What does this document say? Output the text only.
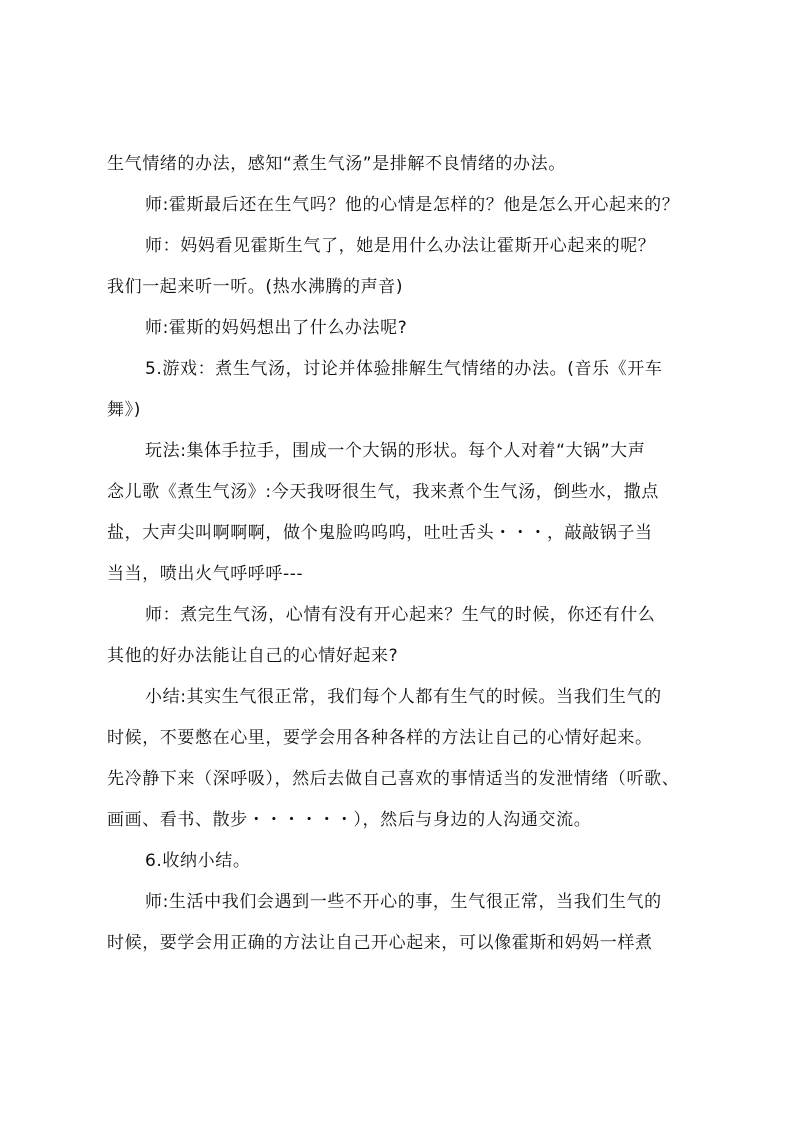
生气情绪的办法，感知“煮生气汤”是排解不良情绪的办法。
师:霍斯最后还在生气吗？他的心情是怎样的？他是怎么开心起来的？
师：妈妈看见霍斯生气了，她是用什么办法让霍斯开心起来的呢？
我们一起来听一听。(热水沸腾的声音)
师:霍斯的妈妈想出了什么办法呢?
5.游戏：煮生气汤，讨论并体验排解生气情绪的办法。(音乐《开车
舞》)
玩法:集体手拉手，围成一个大锅的形状。每个人对着“大锅”大声
念儿歌《煮生气汤》:今天我呀很生气，我来煮个生气汤，倒些水，撒点
盐，大声尖叫啊啊啊，做个鬼脸呜呜呜，吐吐舌头・・・，敲敲锅子当
当当，喷出火气呼呼呼---
师：煮完生气汤，心情有没有开心起来？生气的时候，你还有什么
其他的好办法能让自己的心情好起来?
小结:其实生气很正常，我们每个人都有生气的时候。当我们生气的
时候，不要憋在心里，要学会用各种各样的方法让自己的心情好起来。
先冷静下来（深呼吸），然后去做自己喜欢的事情适当的发泄情绪（听歌、
画画、看书、散步・・・・・・），然后与身边的人沟通交流。
6.收纳小结。
师:生活中我们会遇到一些不开心的事，生气很正常，当我们生气的
时候，要学会用正确的方法让自己开心起来，可以像霍斯和妈妈一样煮
